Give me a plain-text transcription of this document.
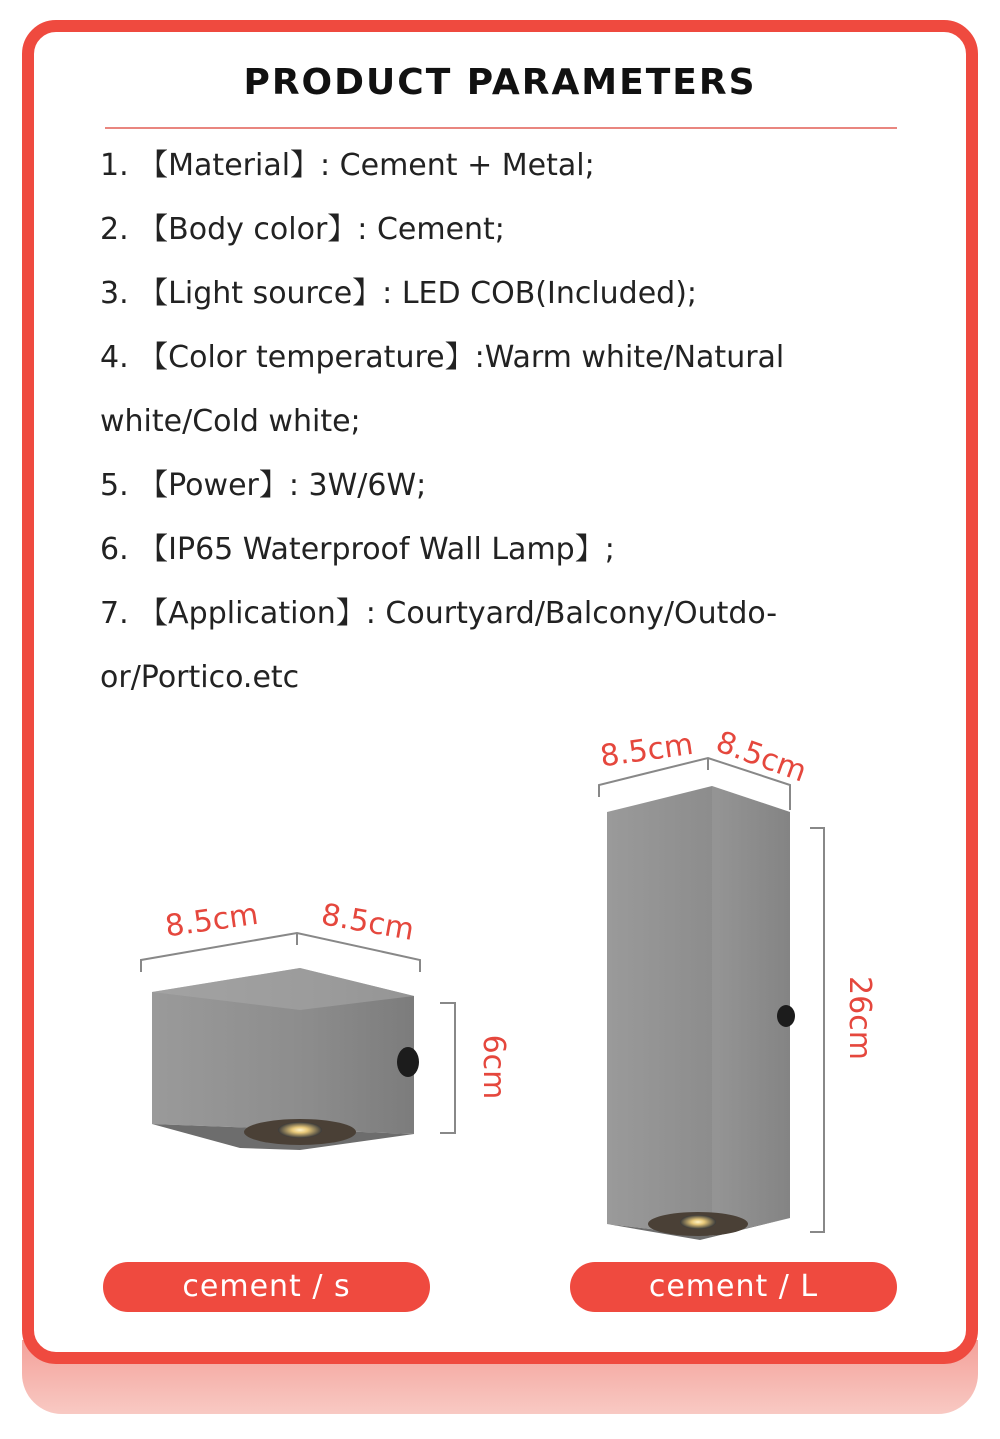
PRODUCT PARAMETERS
1. 【Material】: Cement + Metal;
2. 【Body color】: Cement;
3. 【Light source】: LED COB(Included);
4. 【Color temperature】:Warm white/Natural
white/Cold white;
5. 【Power】: 3W/6W;
6. 【IP65 Waterproof Wall Lamp】;
7. 【Application】: Courtyard/Balcony/Outdo-
or/Portico.etc
8.5cm 8.5cm
6cm
8.5cm 8.5cm
26cm
cement / s	cement / L
